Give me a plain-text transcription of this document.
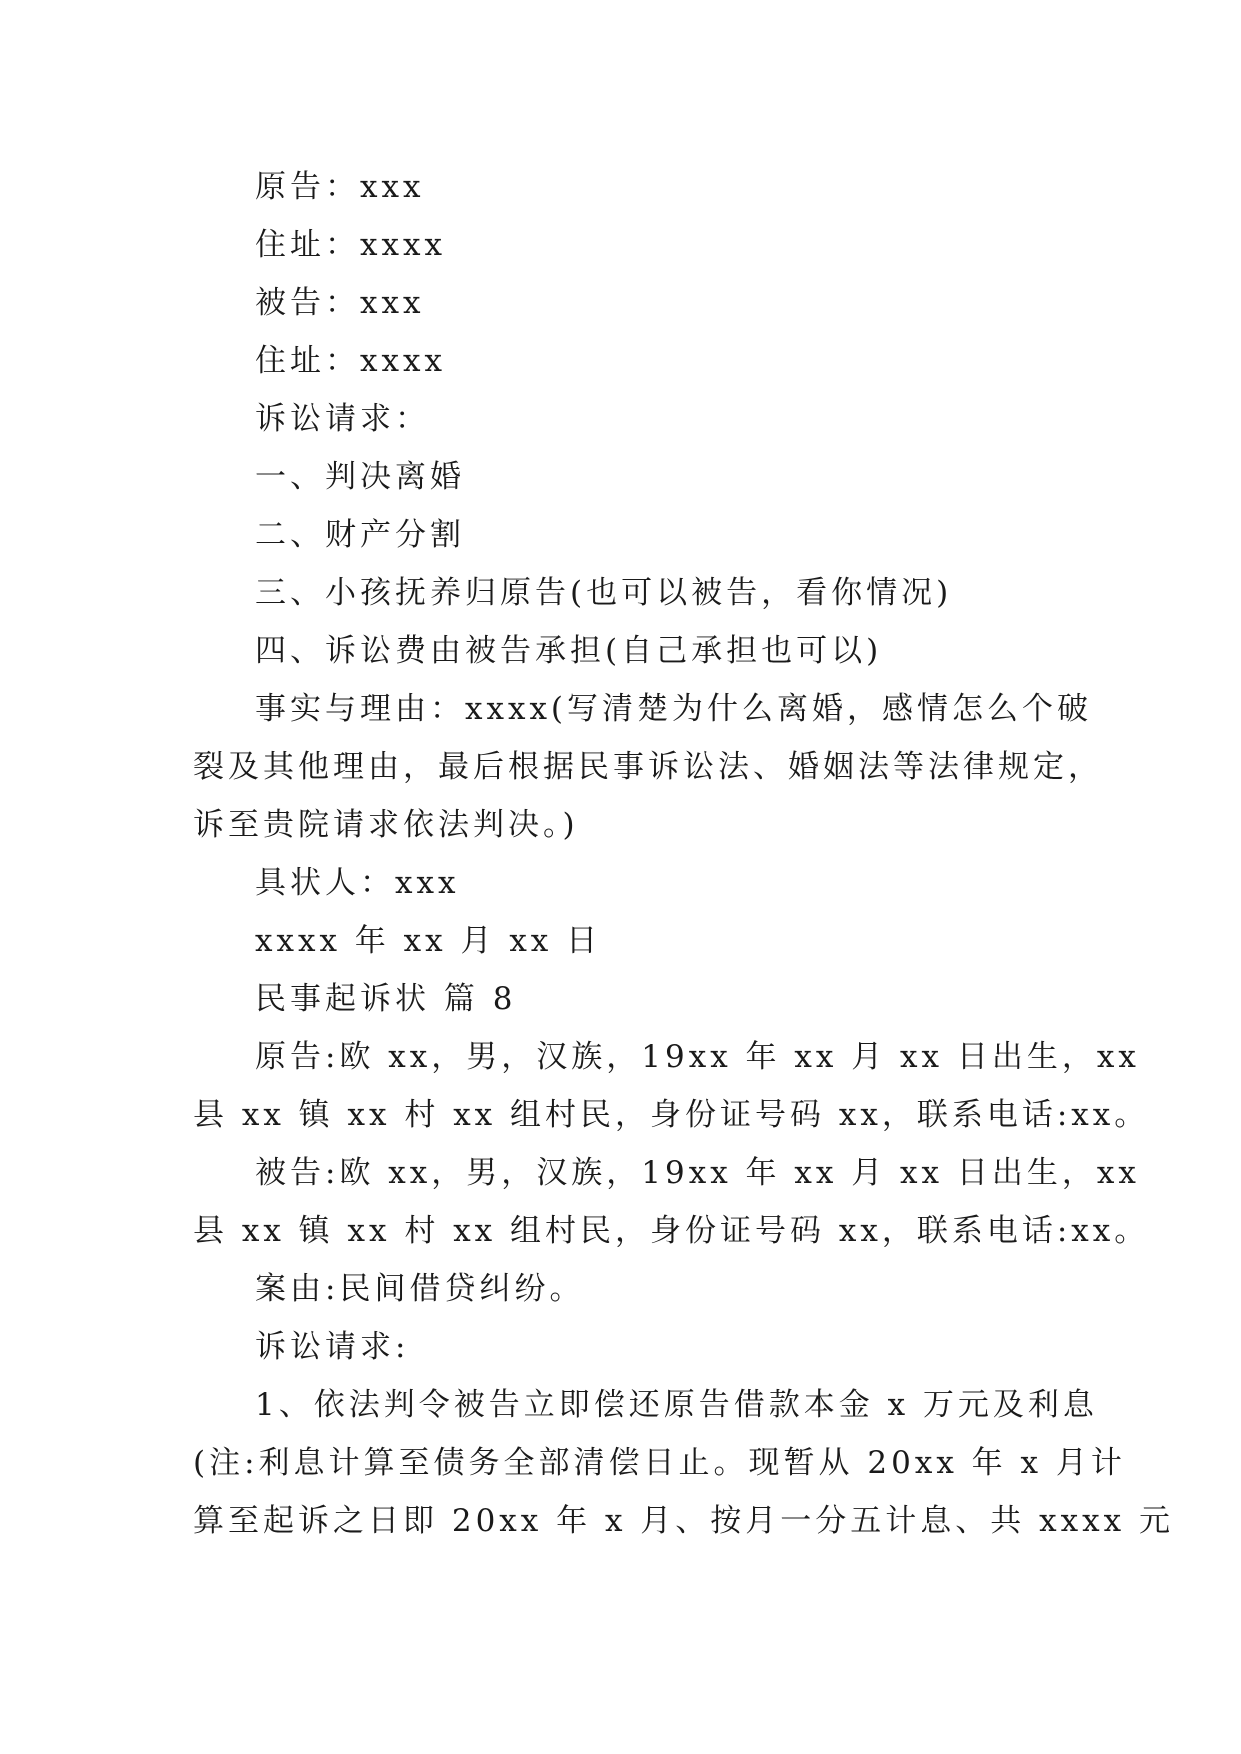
原告：xxx

住址：xxxx

被告：xxx

住址：xxxx

诉讼请求：

一、判决离婚

二、财产分割

三、小孩抚养归原告(也可以被告，看你情况)

四、诉讼费由被告承担(自己承担也可以)

事实与理由：xxxx(写清楚为什么离婚，感情怎么个破

裂及其他理由，最后根据民事诉讼法、婚姻法等法律规定，

诉至贵院请求依法判决。)

具状人：xxx

xxxx 年 xx 月 xx 日

民事起诉状 篇 8

原告:欧 xx，男，汉族，19xx 年 xx 月 xx 日出生，xx

县 xx 镇 xx 村 xx 组村民，身份证号码 xx，联系电话:xx。

被告:欧 xx，男，汉族，19xx 年 xx 月 xx 日出生，xx

县 xx 镇 xx 村 xx 组村民，身份证号码 xx，联系电话:xx。

案由:民间借贷纠纷。

诉讼请求:

1、依法判令被告立即偿还原告借款本金 x 万元及利息

(注:利息计算至债务全部清偿日止。现暂从 20xx 年 x 月计

算至起诉之日即 20xx 年 x 月、按月一分五计息、共 xxxx 元
